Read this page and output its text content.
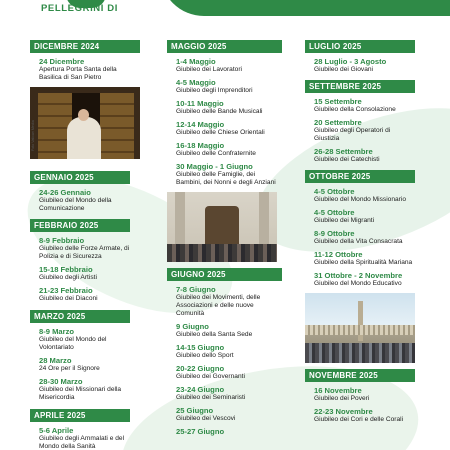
PELLEGRINI DI
DICEMBRE 2024
24 Dicembre
Apertura Porta Santa della Basilica di San Pietro
Foto Vatican Media
GENNAIO 2025
24-26 Gennaio
Giubileo del Mondo della Comunicazione
FEBBRAIO 2025
8-9 Febbraio
Giubileo delle Forze Armate, di Polizia e di Sicurezza
15-18 Febbraio
Giubileo degli Artisti
21-23 Febbraio
Giubileo dei Diaconi
MARZO 2025
8-9 Marzo
Giubileo del Mondo del Volontariato
28 Marzo
24 Ore per il Signore
28-30 Marzo
Giubileo dei Missionari della Misericordia
APRILE 2025
5-6 Aprile
Giubileo degli Ammalati e del Mondo della Sanità
MAGGIO 2025
1-4 Maggio
Giubileo dei Lavoratori
4-5 Maggio
Giubileo degli Imprenditori
10-11 Maggio
Giubileo delle Bande Musicali
12-14 Maggio
Giubileo delle Chiese Orientali
16-18 Maggio
Giubileo delle Confraternite
30 Maggio - 1 Giugno
Giubileo delle Famiglie, dei Bambini, dei Nonni e degli Anziani
GIUGNO 2025
7-8 Giugno
Giubileo dei Movimenti, delle Associazioni e delle nuove Comunità
9 Giugno
Giubileo della Santa Sede
14-15 Giugno
Giubileo dello Sport
20-22 Giugno
Giubileo dei Governanti
23-24 Giugno
Giubileo dei Seminaristi
25 Giugno
Giubileo dei Vescovi
25-27 Giugno
LUGLIO 2025
28 Luglio - 3 Agosto
Giubileo dei Giovani
SETTEMBRE 2025
15 Settembre
Giubileo della Consolazione
20 Settembre
Giubileo degli Operatori di Giustizia
26-28 Settembre
Giubileo dei Catechisti
OTTOBRE 2025
4-5 Ottobre
Giubileo del Mondo Missionario
4-5 Ottobre
Giubileo dei Migranti
8-9 Ottobre
Giubileo della Vita Consacrata
11-12 Ottobre
Giubileo della Spiritualità Mariana
31 Ottobre - 2 Novembre
Giubileo del Mondo Educativo
NOVEMBRE 2025
16 Novembre
Giubileo dei Poveri
22-23 Novembre
Giubileo dei Cori e delle Corali
